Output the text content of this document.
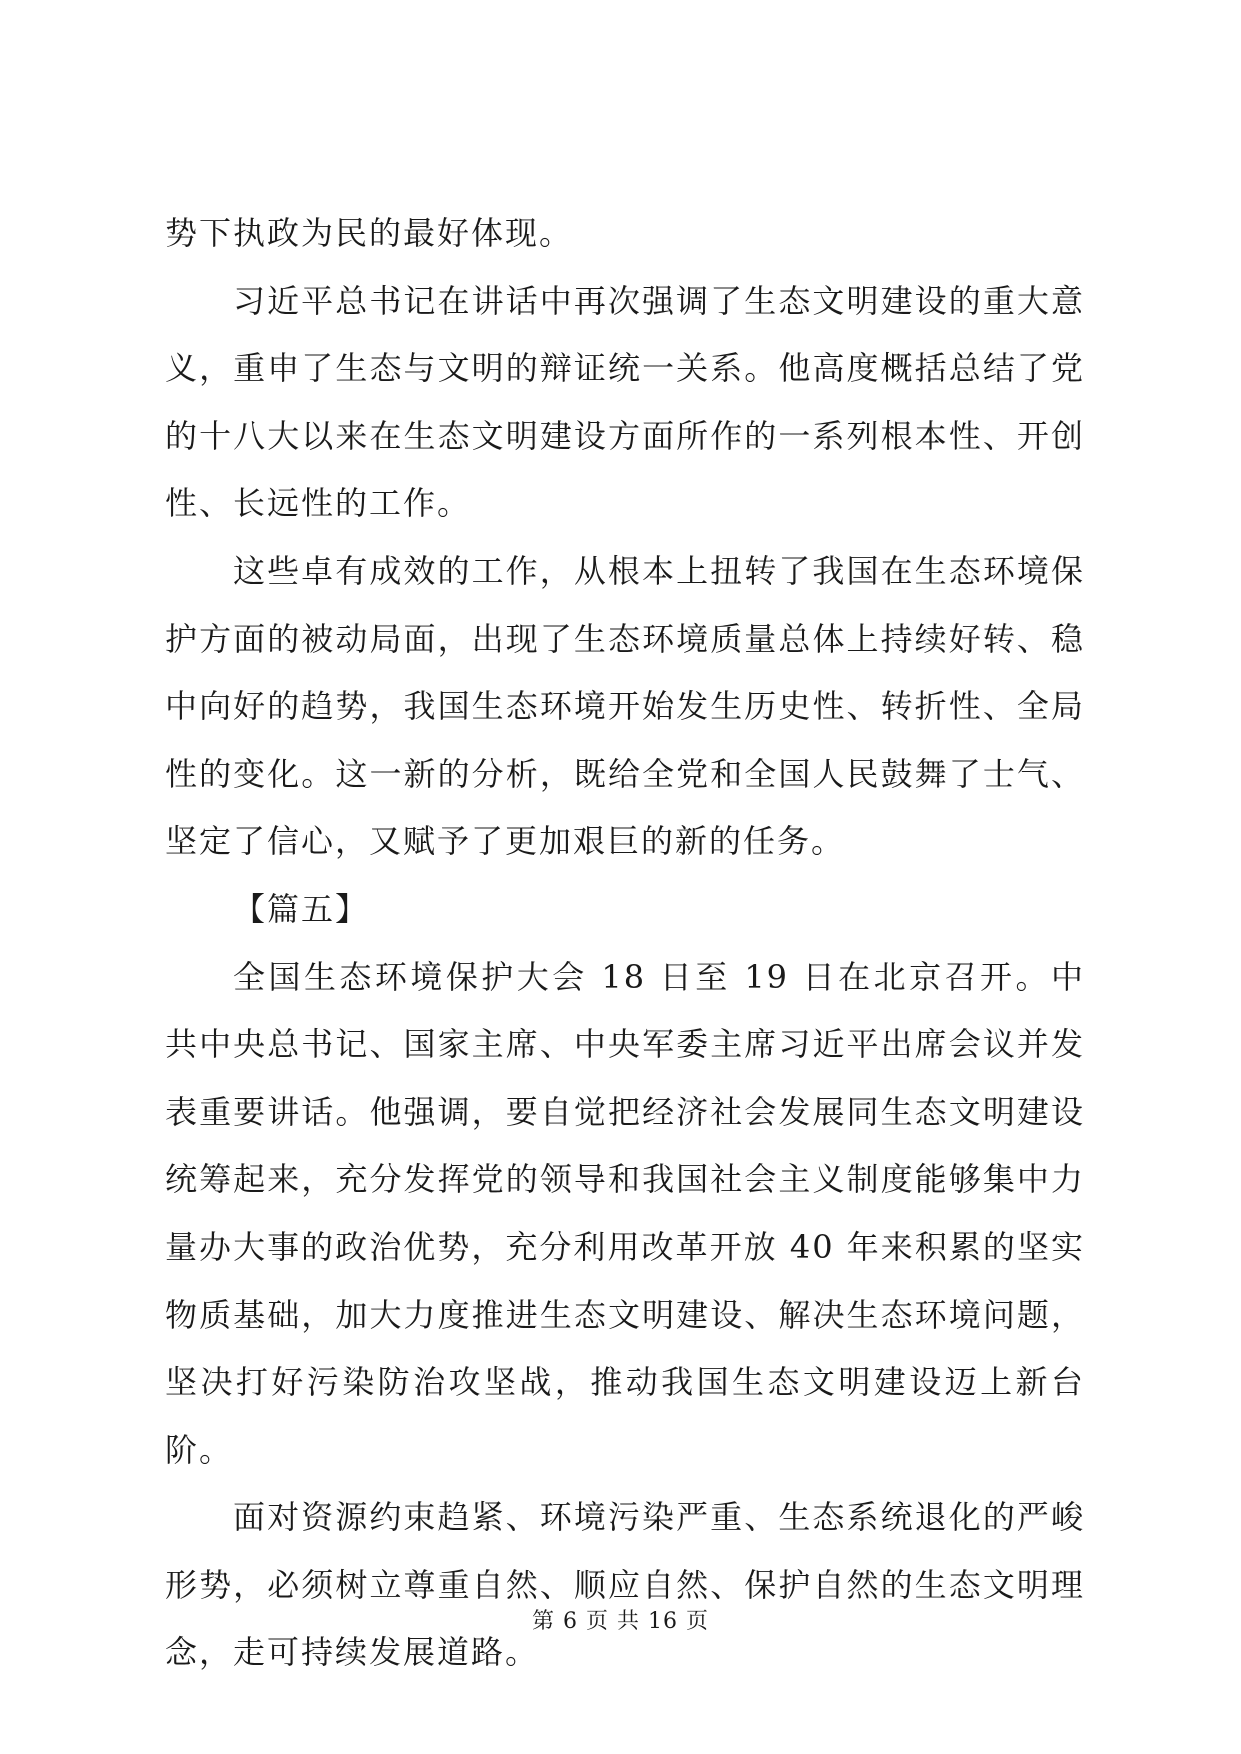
势下执政为民的最好体现。

习近平总书记在讲话中再次强调了生态文明建设的重大意义，重申了生态与文明的辩证统一关系。他高度概括总结了党的十八大以来在生态文明建设方面所作的一系列根本性、开创性、长远性的工作。

这些卓有成效的工作，从根本上扭转了我国在生态环境保护方面的被动局面，出现了生态环境质量总体上持续好转、稳中向好的趋势，我国生态环境开始发生历史性、转折性、全局性的变化。这一新的分析，既给全党和全国人民鼓舞了士气、坚定了信心，又赋予了更加艰巨的新的任务。

【篇五】

全国生态环境保护大会 18 日至 19 日在北京召开。中共中央总书记、国家主席、中央军委主席习近平出席会议并发表重要讲话。他强调，要自觉把经济社会发展同生态文明建设统筹起来，充分发挥党的领导和我国社会主义制度能够集中力量办大事的政治优势，充分利用改革开放 40 年来积累的坚实物质基础，加大力度推进生态文明建设、解决生态环境问题，坚决打好污染防治攻坚战，推动我国生态文明建设迈上新台阶。

面对资源约束趋紧、环境污染严重、生态系统退化的严峻形势，必须树立尊重自然、顺应自然、保护自然的生态文明理念，走可持续发展道路。

第 6 页 共 16 页
